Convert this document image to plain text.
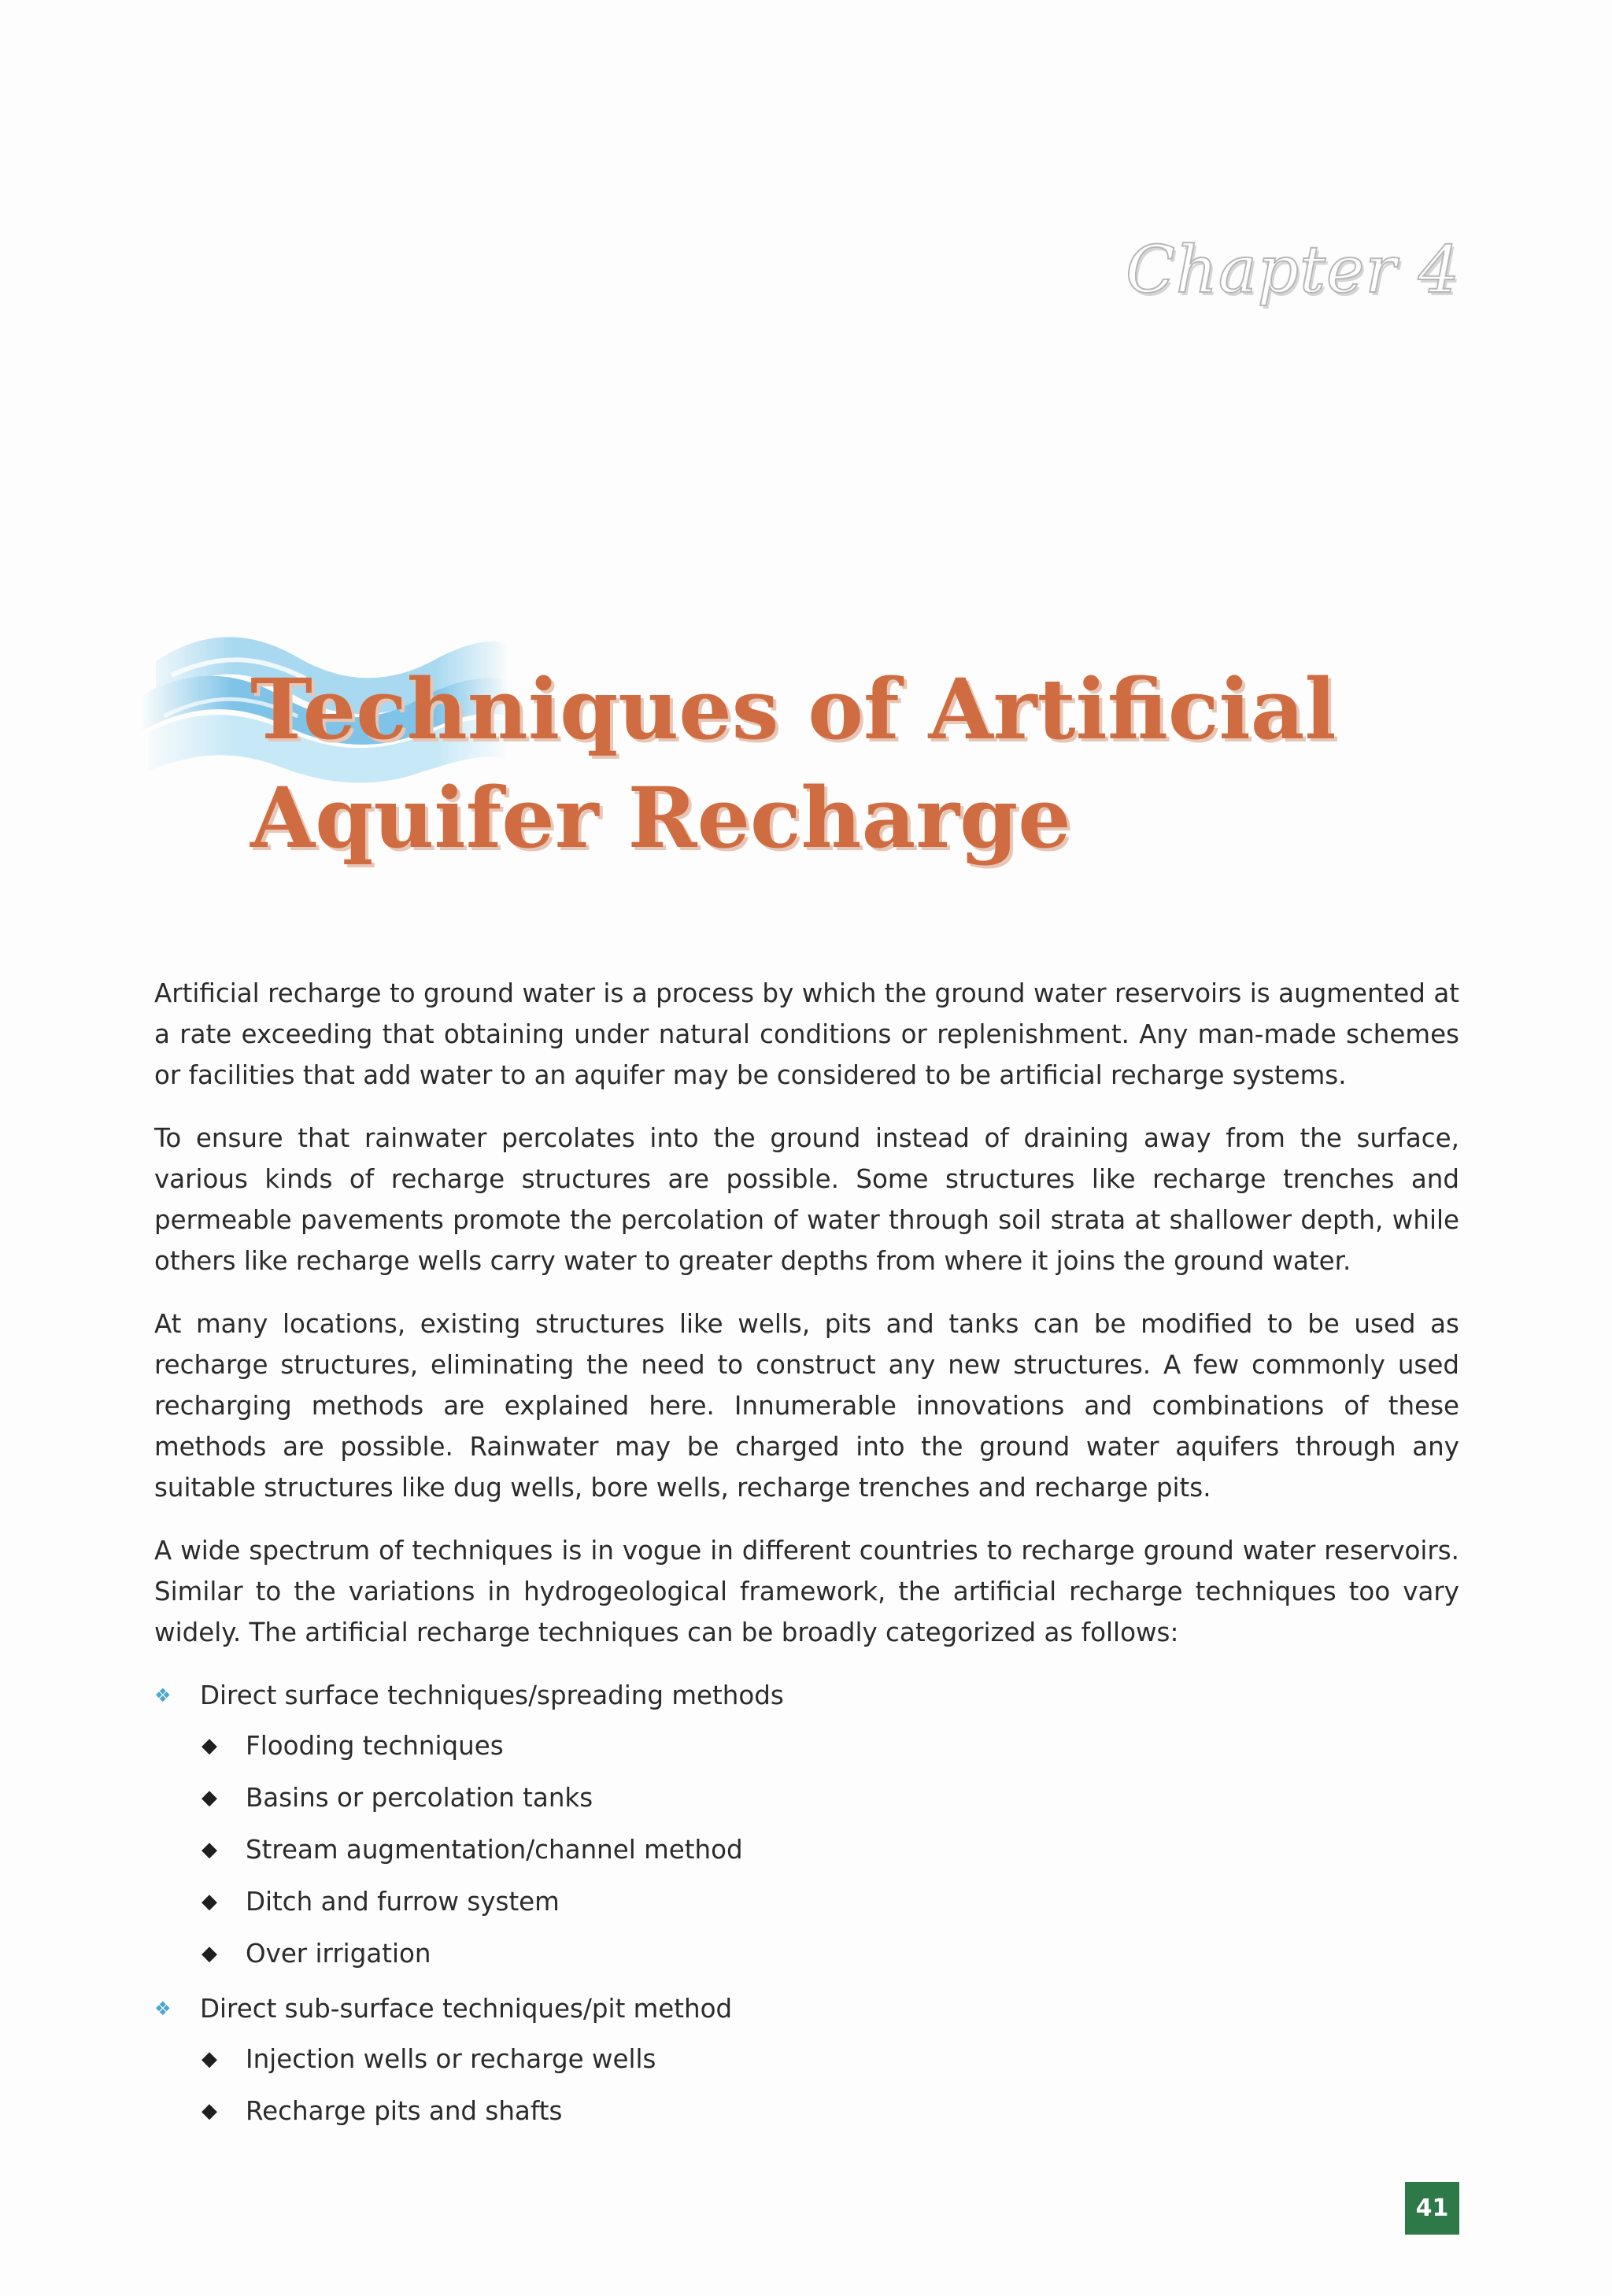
Chapter 4
Techniques of Artificial
Aquifer Recharge

Artificial recharge to ground water is a process by which the ground water reservoirs is augmented at a rate exceeding that obtaining under natural conditions or replenishment. Any man-made schemes or facilities that add water to an aquifer may be considered to be artificial recharge systems.

To ensure that rainwater percolates into the ground instead of draining away from the surface, various kinds of recharge structures are possible. Some structures like recharge trenches and permeable pavements promote the percolation of water through soil strata at shallower depth, while others like recharge wells carry water to greater depths from where it joins the ground water.

At many locations, existing structures like wells, pits and tanks can be modified to be used as recharge structures, eliminating the need to construct any new structures. A few commonly used recharging methods are explained here. Innumerable innovations and combinations of these methods are possible. Rainwater may be charged into the ground water aquifers through any suitable structures like dug wells, bore wells, recharge trenches and recharge pits.

A wide spectrum of techniques is in vogue in different countries to recharge ground water reservoirs. Similar to the variations in hydrogeological framework, the artificial recharge techniques too vary widely. The artificial recharge techniques can be broadly categorized as follows:

❖ Direct surface techniques/spreading methods
◆ Flooding techniques
◆ Basins or percolation tanks
◆ Stream augmentation/channel method
◆ Ditch and furrow system
◆ Over irrigation
❖ Direct sub-surface techniques/pit method
◆ Injection wells or recharge wells
◆ Recharge pits and shafts
41
